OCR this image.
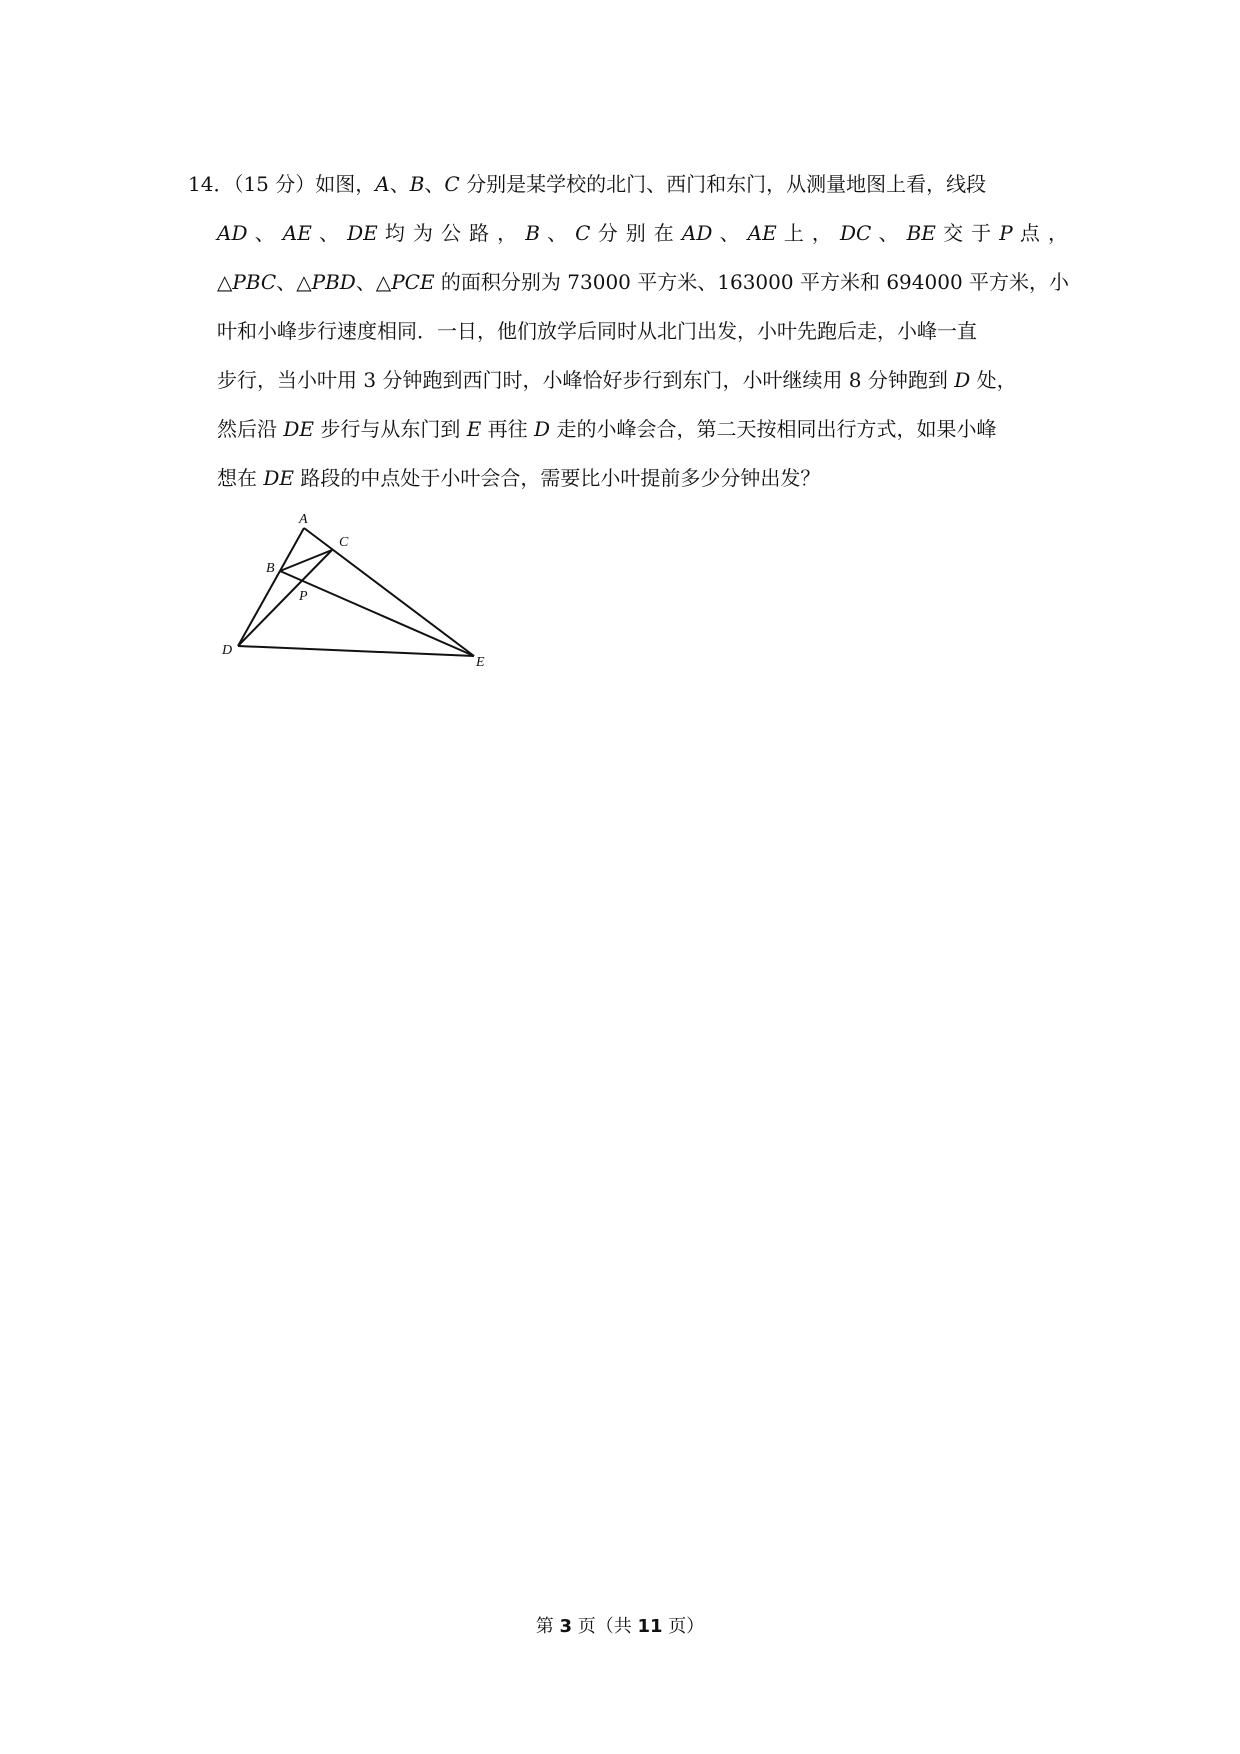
14．（15 分）如图，A、B、C 分别是某学校的北门、西门和东门，从测量地图上看，线段
AD 、 AE 、 DE 均 为 公 路 ， B 、 C 分 别 在 AD 、 AE 上 ， DC 、 BE 交 于 P 点 ，
△PBC、△PBD、△PCE 的面积分别为 73000 平方米、163000 平方米和 694000 平方米，小
叶和小峰步行速度相同．一日，他们放学后同时从北门出发，小叶先跑后走，小峰一直
步行，当小叶用 3 分钟跑到西门时，小峰恰好步行到东门，小叶继续用 8 分钟跑到 D 处，
然后沿 DE 步行与从东门到 E 再往 D 走的小峰会合，第二天按相同出行方式，如果小峰
想在 DE 路段的中点处于小叶会合，需要比小叶提前多少分钟出发？
A
C
B
P
D
E
第 3 页（共 11 页）
